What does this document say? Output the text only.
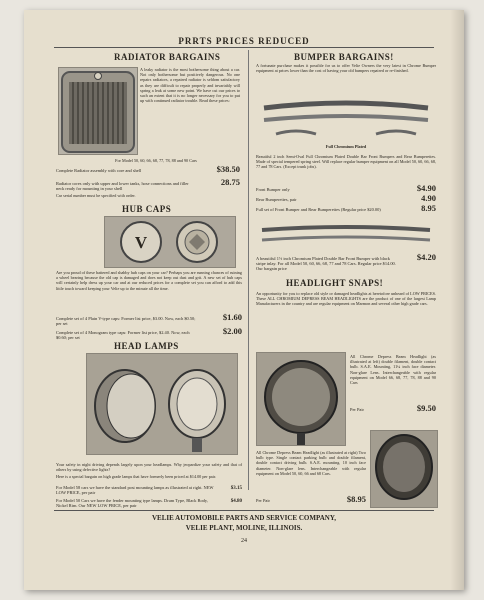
PRRTS PRICES REDUCED
RADIATOR BARGAINS
A leaky radiator is the most bothersome thing about a car. Not only bothersome but positively dangerous. No one repairs radiators, a repaired radiator is seldom satisfactory as they are difficult to repair properly and invariably will spring a leak at some new point. We have cut our prices to such an extent that it is no longer necessary for you to put up with continued radiator trouble. Read these prices:
For Model 50, 60, 66, 68, 77, 78, 88 and 90 Cars
Complete Radiator assembly with core and shell	$38.50
Radiator cores only with upper and lower tanks, hose connections and filler neck ready for mounting in your shell
28.75
Car serial number must be specified with order.
HUB CAPS
V
Are you proud of these battered and shabby hub caps on your car? Perhaps you are running chances of ruining a wheel bearing because the old cap is damaged and does not keep out dust and grit. A new set of hub caps will certainly help dress up your car and at our reduced prices for a complete set you can afford to add this little touch toward keeping your Velie up to the minute all the time.
Complete set of 4 Plain V-type caps: Former list price, $3.00. Now, each $0.50; per set
$1.60
Complete set of 4 Monogram type caps: Former list price, $2.40. Now, each $0.60; per set
$2.00
HEAD LAMPS
Your safety in night driving depends largely upon your headlamps. Why jeopardize your safety and that of others by using defective lights?
Here is a special bargain on high grade lamps that have formerly been priced at $14.00 per pair.
For Model 58 cars we have the standard post mounting lamps as illustrated at right. NEW LOW PRICE, per pair
$3.15
For Model 50 Cars we have the fender mounting type lamps. Drum Type, Black Body, Nickel Rim. Our NEW LOW PRICE, per pair
$4.80
BUMPER BARGAINS!
A fortunate purchase makes it possible for us to offer Velie Owners the very latest in Chrome Bumper equipment at prices lower than the cost of having your old bumpers repaired or re-finished.
Full Chromium Plated
Beautiful 2 inch Semi-Oval Full Chromium Plated Double Bar Front Bumpers and Rear Bumperettes. Made of special tempered spring steel. Will replace regular bumper equipment on all Model 50, 60, 66, 68, 77 and 78 Cars. (Except trunk jobs).
Front Bumper only	$4.90
Rear Bumperettes, pair	4.90
Full set of Front Bumper and Rear Bumperettes (Regular price $20.00)	8.95
A beautiful 1½ inch Chromium Plated Double Bar Front Bumper with black stripe inlay. For all Model 50, 60, 66, 68, 77 and 78 Cars. Regular price $14.00. Our bargain price
$4.20
HEADLIGHT SNAPS!
An opportunity for you to replace old style or damaged headlights at heretofore unheard of LOW PRICES. These ALL CHROMIUM DEPRESS BEAM HEADLIGHTS are the product of one of the largest Lamp Manufacturers in the country and are regular equipment on Marmon and several other high grade cars.
All Chrome Depress Beam Headlight (as illustrated at left) double filament, double contact bulb. S.A.E. Mounting, 11¼ inch face diameter. Non-glare Lens. Interchangeable with regular equipment on Model 66, 68, 77, 78, 88 and 90 Cars
Per Pair	$9.50
All Chrome Depress Beam Headlight (as illustrated at right) Two bulb type. Single contact parking bulb and double filament, double contact driving bulb. S.A.E. mounting. 10 inch face diameter. Non-glare lens. Interchangeable with regular equipment on Model 50, 60, 66 and 68 Cars.
Per Pair	$8.95
VELIE AUTOMOBILE PARTS AND SERVICE COMPANY,
VELIE PLANT, MOLINE, ILLINOIS.
24
